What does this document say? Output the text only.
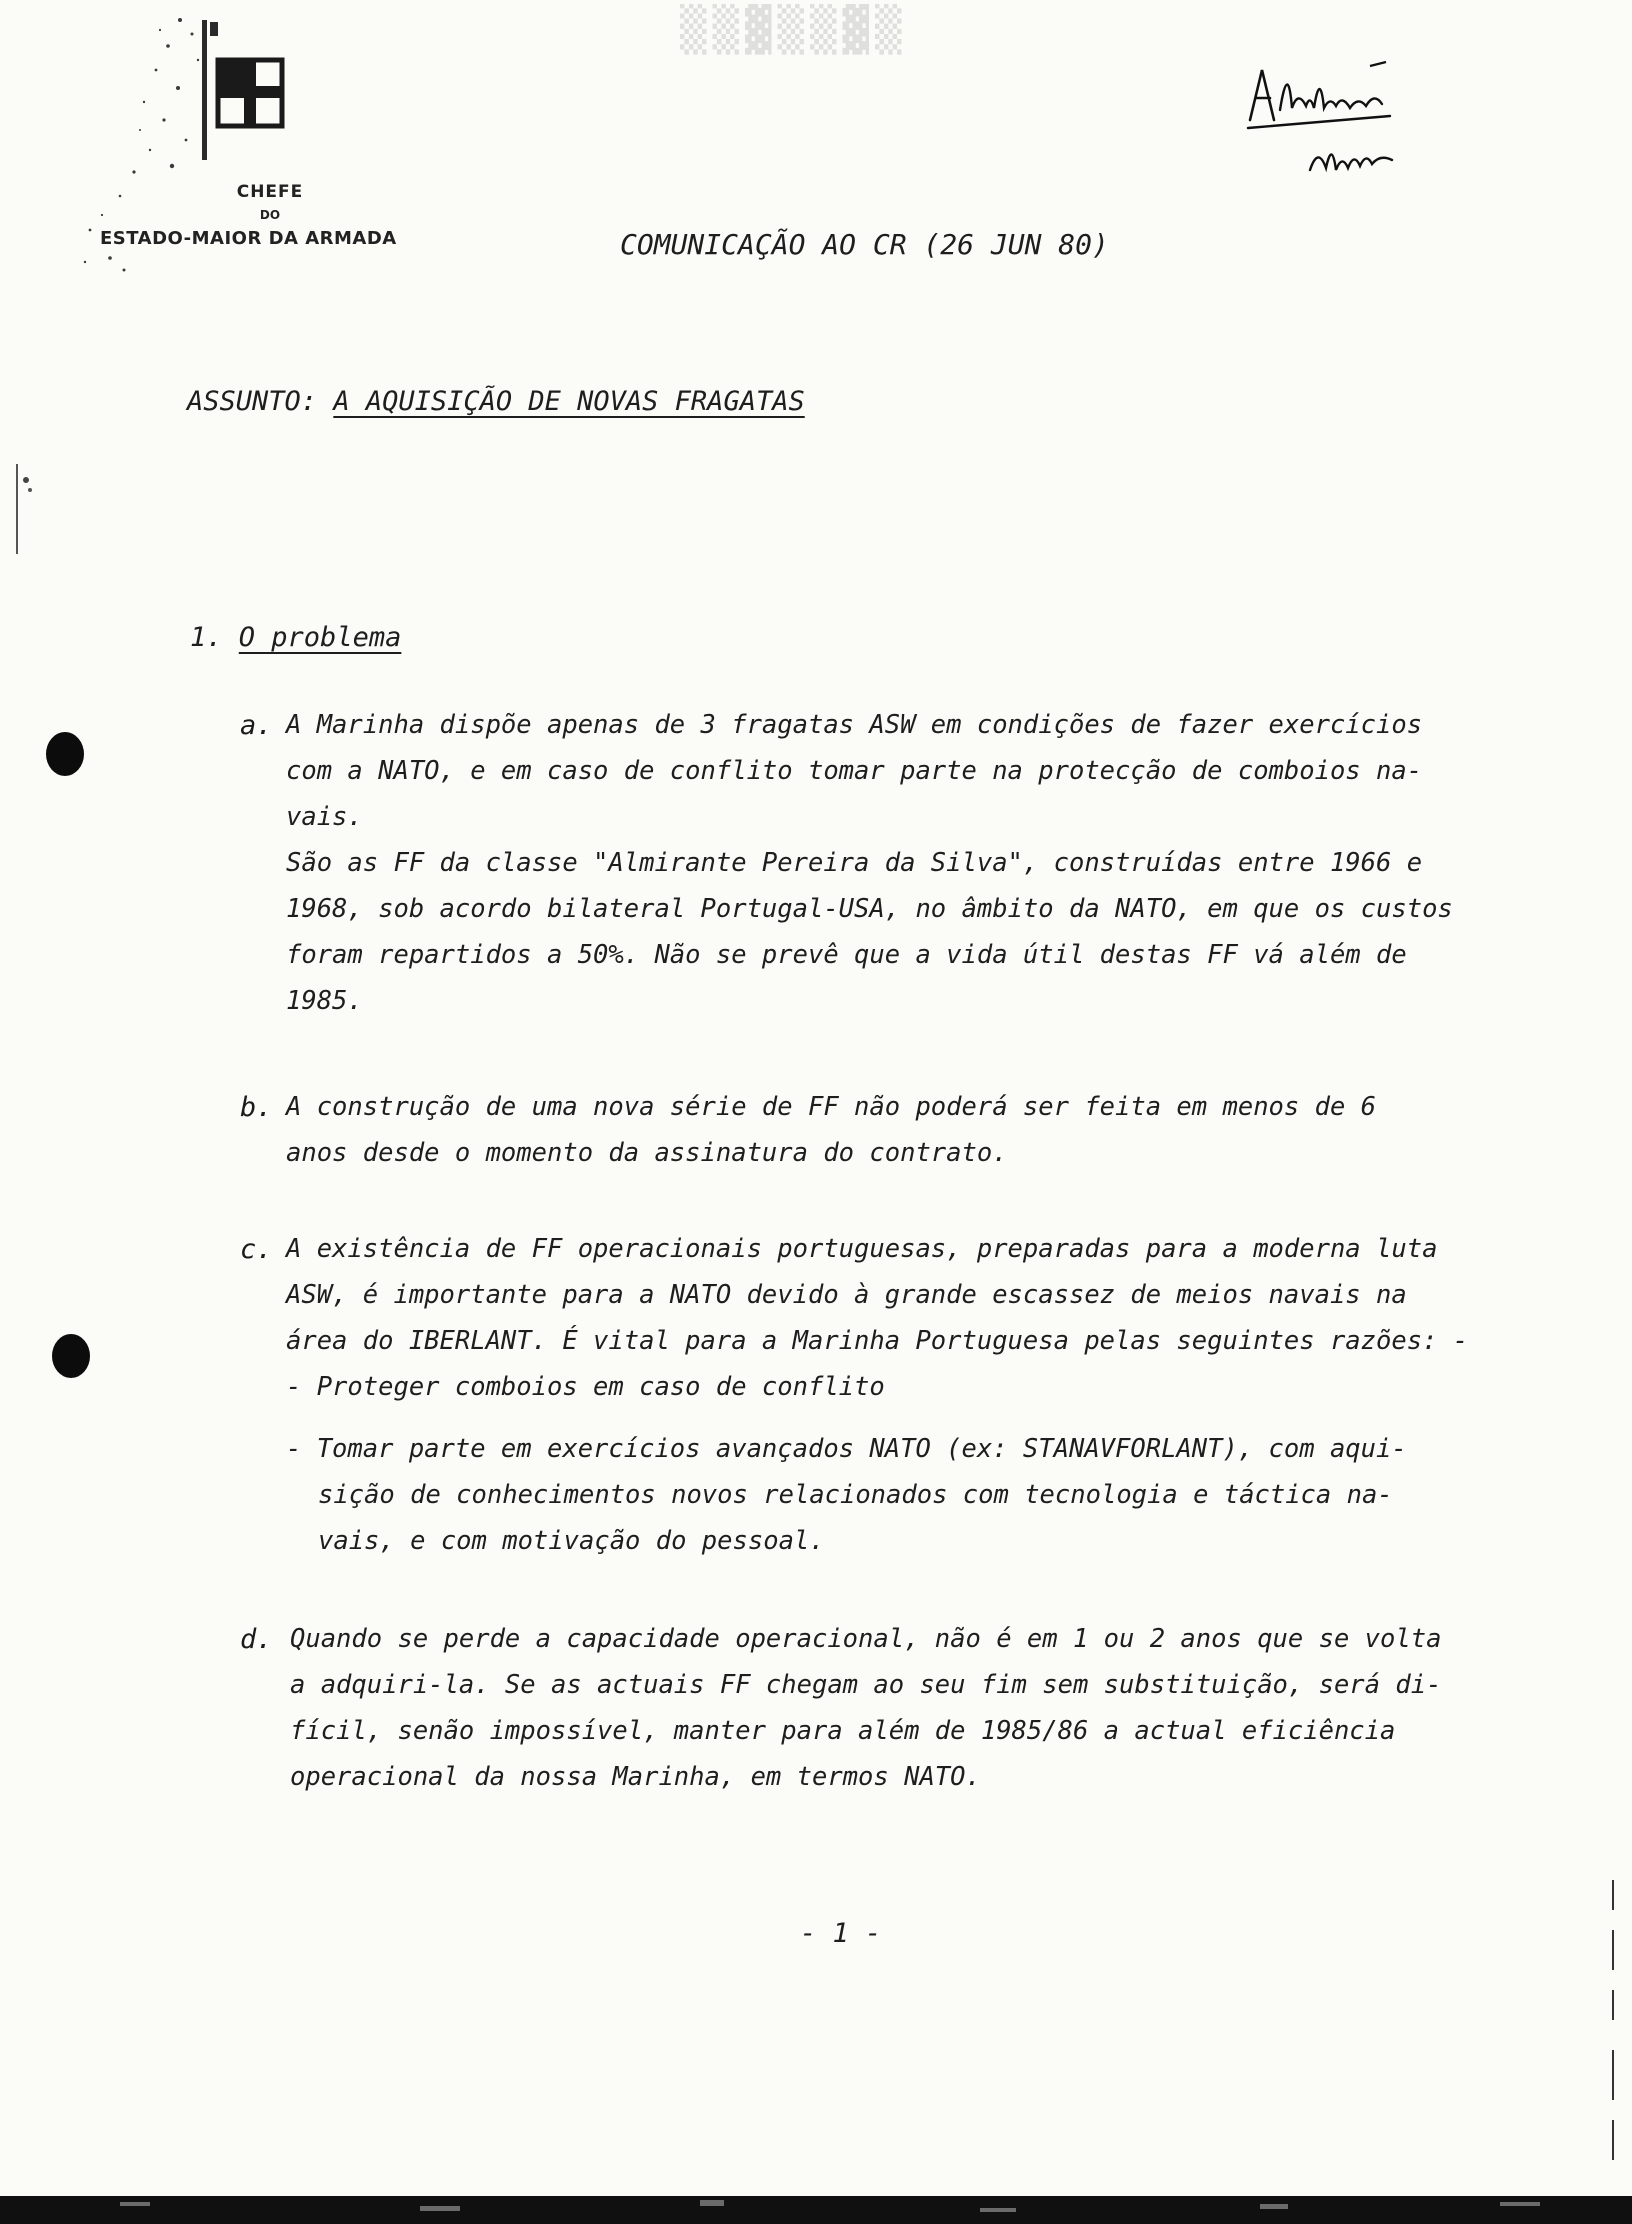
CHEFE
DO
ESTADO-MAIOR DA ARMADA
▒▒▓▒▒▓▒
COMUNICAÇÃO AO CR (26 JUN 80)
ASSUNTO: A AQUISIÇÃO DE NOVAS FRAGATAS
1. O problema
a. A Marinha dispõe apenas de 3 fragatas ASW em condições de fazer exercícios
com a NATO, e em caso de conflito tomar parte na protecção de comboios na-
vais.
São as FF da classe "Almirante Pereira da Silva", construídas entre 1966 e
1968, sob acordo bilateral Portugal-USA, no âmbito da NATO, em que os custos
foram repartidos a 50%. Não se prevê que a vida útil destas FF vá além de
1985.
b. A construção de uma nova série de FF não poderá ser feita em menos de 6
anos desde o momento da assinatura do contrato.
c. A existência de FF operacionais portuguesas, preparadas para a moderna luta
ASW, é importante para a NATO devido à grande escassez de meios navais na
área do IBERLANT. É vital para a Marinha Portuguesa pelas seguintes razões: -
- Proteger comboios em caso de conflito
- Tomar parte em exercícios avançados NATO (ex: STANAVFORLANT), com aqui-
sição de conhecimentos novos relacionados com tecnologia e táctica na-
vais, e com motivação do pessoal.
d. Quando se perde a capacidade operacional, não é em 1 ou 2 anos que se volta
a adquiri-la. Se as actuais FF chegam ao seu fim sem substituição, será di-
fícil, senão impossível, manter para além de 1985/86 a actual eficiência
operacional da nossa Marinha, em termos NATO.
- 1 -
